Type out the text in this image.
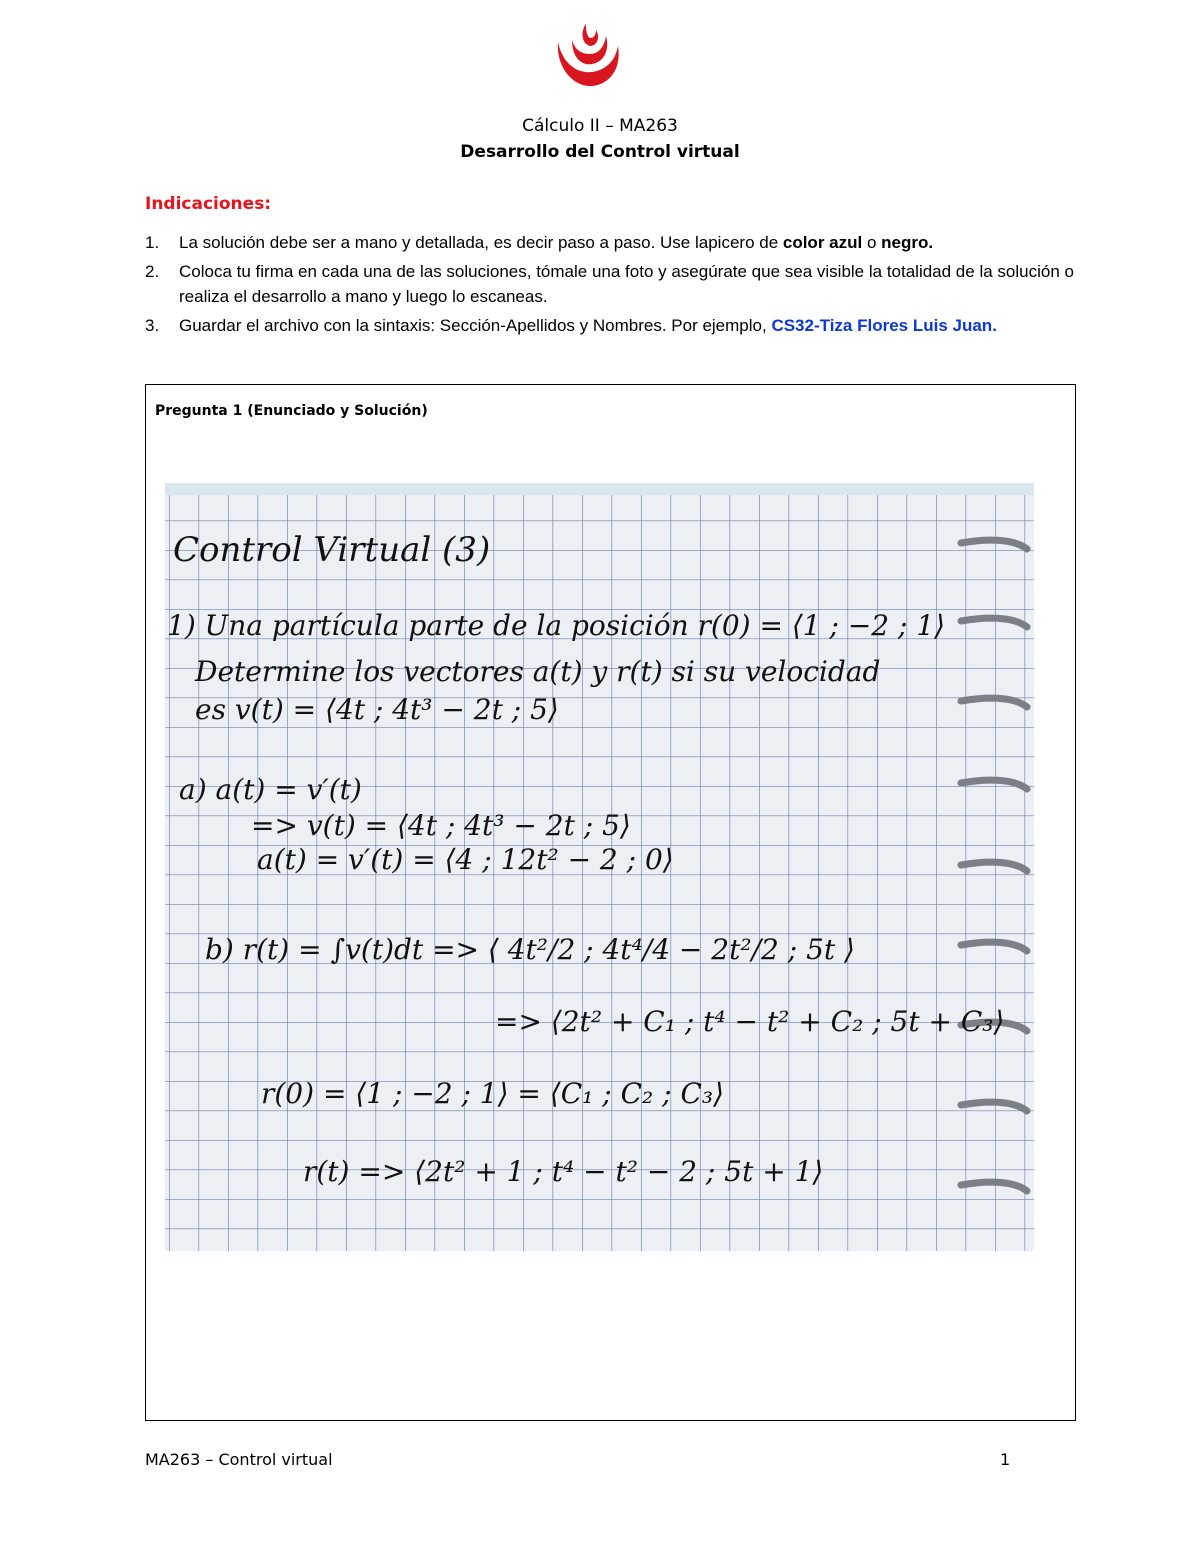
Cálculo II – MA263
Desarrollo del Control virtual
Indicaciones:
1. La solución debe ser a mano y detallada, es decir paso a paso. Use lapicero de color azul o negro.
2. Coloca tu firma en cada una de las soluciones, tómale una foto y asegúrate que sea visible la totalidad de la solución o realiza el desarrollo a mano y luego lo escaneas.
3. Guardar el archivo con la sintaxis: Sección-Apellidos y Nombres. Por ejemplo, CS32-Tiza Flores Luis Juan.
Pregunta 1 (Enunciado y Solución)
Control Virtual (3)
1) Una partícula parte de la posición r(0) = ⟨1 ; −2 ; 1⟩
Determine los vectores a(t) y r(t) si su velocidad
es v(t) = ⟨4t ; 4t³ − 2t ; 5⟩
a) a(t) = v′(t)
=> v(t) = ⟨4t ; 4t³ − 2t ; 5⟩
a(t) = v′(t) = ⟨4 ; 12t² − 2 ; 0⟩
b) r(t) = ∫v(t)dt => ⟨ 4t²/2 ; 4t⁴/4 − 2t²/2 ; 5t ⟩
=> ⟨2t² + C₁ ; t⁴ − t² + C₂ ; 5t + C₃⟩
r(0) = ⟨1 ; −2 ; 1⟩ = ⟨C₁ ; C₂ ; C₃⟩
r(t) => ⟨2t² + 1 ; t⁴ − t² − 2 ; 5t + 1⟩
MA263 – Control virtual	1
